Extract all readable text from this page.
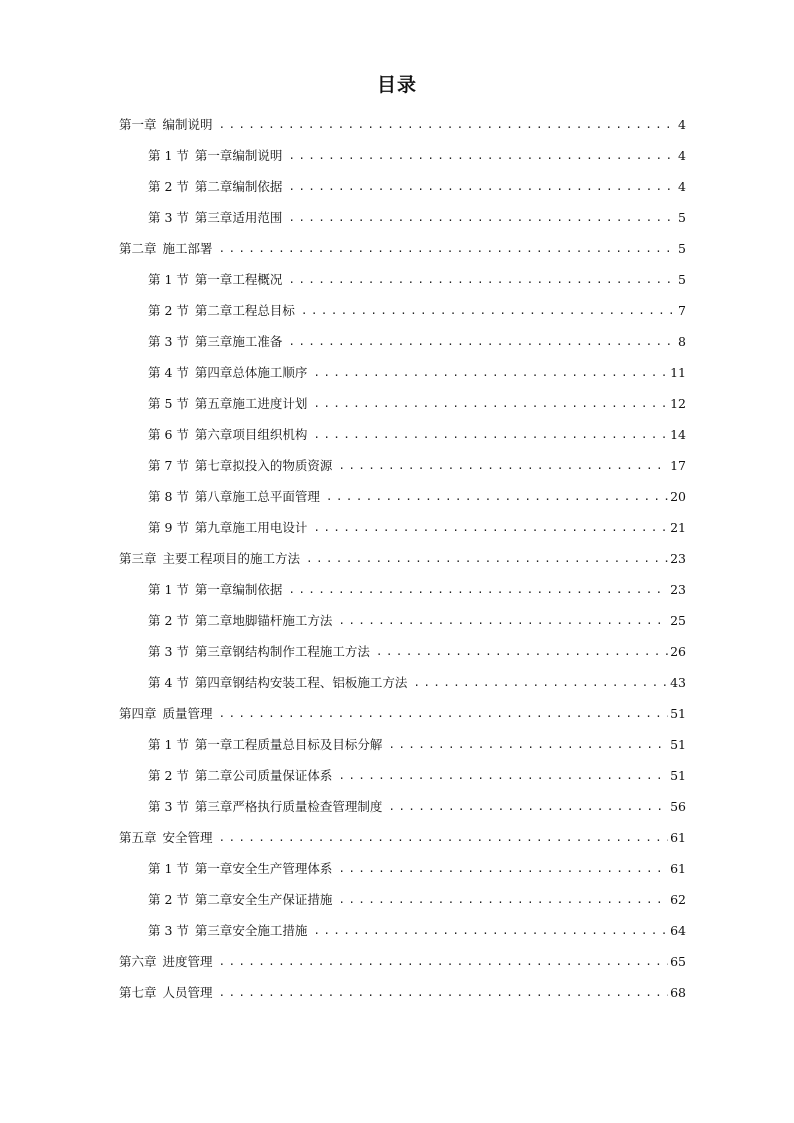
目录
第一章 编制说明 .....	4
第 1 节 第一章编制说明 .....	4
第 2 节 第二章编制依据 .....	4
第 3 节 第三章适用范围 .....	5
第二章 施工部署 .....	5
第 1 节 第一章工程概况 .....	5
第 2 节 第二章工程总目标 .....	7
第 3 节 第三章施工准备 .....	8
第 4 节 第四章总体施工顺序 .....	11
第 5 节 第五章施工进度计划 .....	12
第 6 节 第六章项目组织机构 .....	14
第 7 节 第七章拟投入的物质资源 .....	17
第 8 节 第八章施工总平面管理 .....	20
第 9 节 第九章施工用电设计 .....	21
第三章 主要工程项目的施工方法 .....	23
第 1 节 第一章编制依据 .....	23
第 2 节 第二章地脚锚杆施工方法 .....	25
第 3 节 第三章钢结构制作工程施工方法 .....	26
第 4 节 第四章钢结构安装工程、铝板施工方法 .....	43
第四章 质量管理 .....	51
第 1 节 第一章工程质量总目标及目标分解 .....	51
第 2 节 第二章公司质量保证体系 .....	51
第 3 节 第三章严格执行质量检查管理制度 .....	56
第五章 安全管理 .....	61
第 1 节 第一章安全生产管理体系 .....	61
第 2 节 第二章安全生产保证措施 .....	62
第 3 节 第三章安全施工措施 .....	64
第六章 进度管理 .....	65
第七章 人员管理 .....	68
